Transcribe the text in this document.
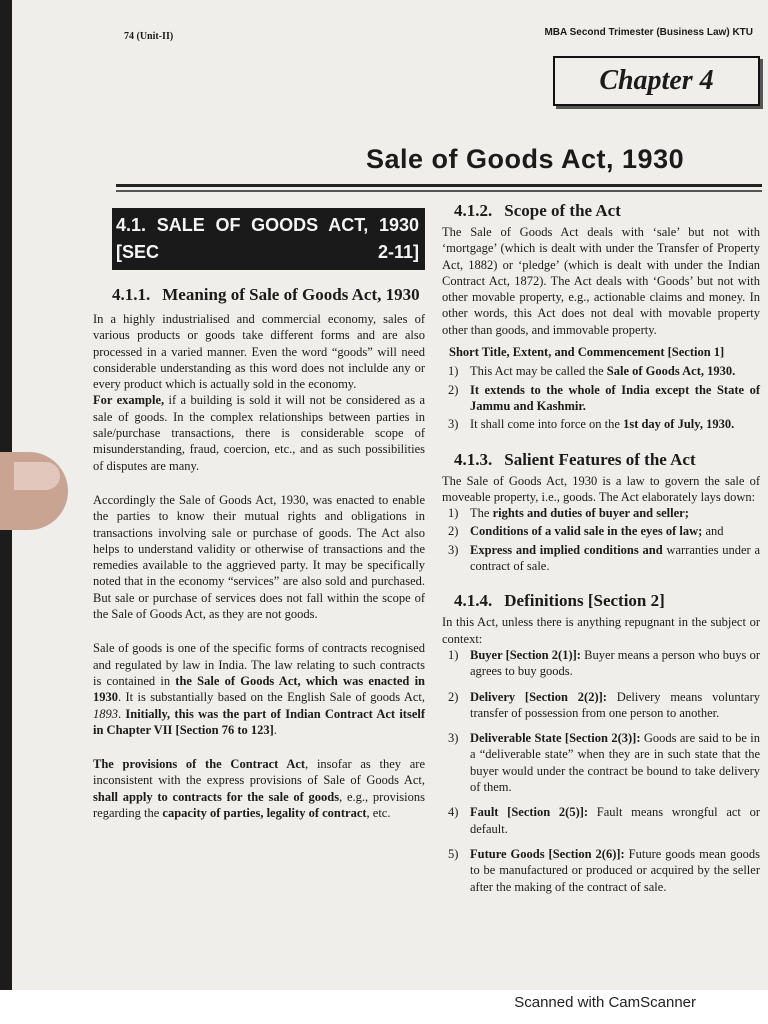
74 (Unit-II)	MBA Second Trimester (Business Law) KTU
Chapter 4
Sale of Goods Act, 1930
4.1. SALE OF GOODS ACT, 1930 [SEC 2-11]
4.1.1. Meaning of Sale of Goods Act, 1930

In a highly industrialised and commercial economy, sales of various products or goods take different forms and are also processed in a varied manner. Even the word “goods” will need considerable understanding as this word does not inclulde any or every product which is actually sold in the economy.

For example, if a building is sold it will not be considered as a sale of goods. In the complex relationships between parties in sale/purchase transactions, there is considerable scope of misunderstanding, fraud, coercion, etc., and as such possibilities of disputes are many.

Accordingly the Sale of Goods Act, 1930, was enacted to enable the parties to know their mutual rights and obligations in transactions involving sale or purchase of goods. The Act also helps to understand validity or otherwise of transactions and the remedies available to the aggrieved party. It may be specifically noted that in the economy “services” are also sold and purchased. But sale or purchase of services does not fall within the scope of the Sale of Goods Act, as they are not goods.

Sale of goods is one of the specific forms of contracts recognised and regulated by law in India. The law relating to such contracts is contained in the Sale of Goods Act, which was enacted in 1930. It is substantially based on the English Sale of goods Act, 1893. Initially, this was the part of Indian Contract Act itself in Chapter VII [Section 76 to 123].

The provisions of the Contract Act, insofar as they are inconsistent with the express provisions of Sale of Goods Act, shall apply to contracts for the sale of goods, e.g., provisions regarding the capacity of parties, legality of contract, etc.

4.1.2. Scope of the Act

The Sale of Goods Act deals with ‘sale’ but not with ‘mortgage’ (which is dealt with under the Transfer of Property Act, 1882) or ‘pledge’ (which is dealt with under the Indian Contract Act, 1872). The Act deals with ‘Goods’ but not with other movable property, e.g., actionable claims and money. In other words, this Act does not deal with movable property other than goods, and immovable property.

Short Title, Extent, and Commencement [Section 1]
1) This Act may be called the Sale of Goods Act, 1930.
2) It extends to the whole of India except the State of Jammu and Kashmir.
3) It shall come into force on the 1st day of July, 1930.
4.1.3. Salient Features of the Act

The Sale of Goods Act, 1930 is a law to govern the sale of moveable property, i.e., goods. The Act elaborately lays down:

1) The rights and duties of buyer and seller;
2) Conditions of a valid sale in the eyes of law; and
3) Express and implied conditions and warranties under a contract of sale.
4.1.4. Definitions [Section 2]

In this Act, unless there is anything repugnant in the subject or context:

1) Buyer [Section 2(1)]: Buyer means a person who buys or agrees to buy goods.
2) Delivery [Section 2(2)]: Delivery means voluntary transfer of possession from one person to another.
3) Deliverable State [Section 2(3)]: Goods are said to be in a “deliverable state” when they are in such state that the buyer would under the contract be bound to take delivery of them.
4) Fault [Section 2(5)]: Fault means wrongful act or default.
5) Future Goods [Section 2(6)]: Future goods mean goods to be manufactured or produced or acquired by the seller after the making of the contract of sale.
Scanned with CamScanner
